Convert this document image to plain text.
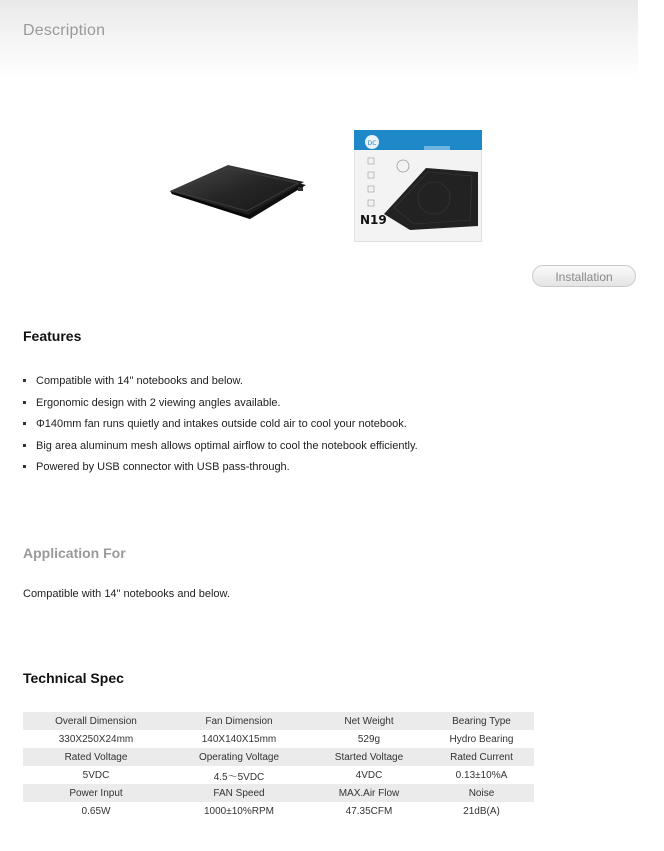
Description
DC
N19
Installation
Features
Compatible with 14" notebooks and below.
Ergonomic design with 2 viewing angles available.
Φ140mm fan runs quietly and intakes outside cold air to cool your notebook.
Big area aluminum mesh allows optimal airflow to cool the notebook efficiently.
Powered by USB connector with USB pass-through.
Application For
Compatible with 14" notebooks and below.
Technical Spec
Overall Dimension	Fan Dimension	Net Weight	Bearing Type
330X250X24mm	140X140X15mm	529g	Hydro Bearing
Rated Voltage	Operating Voltage	Started Voltage	Rated Current
5VDC	4.5～5VDC	4VDC	0.13±10%A
Power Input	FAN Speed	MAX.Air Flow	Noise
0.65W	1000±10%RPM	47.35CFM	21dB(A)
